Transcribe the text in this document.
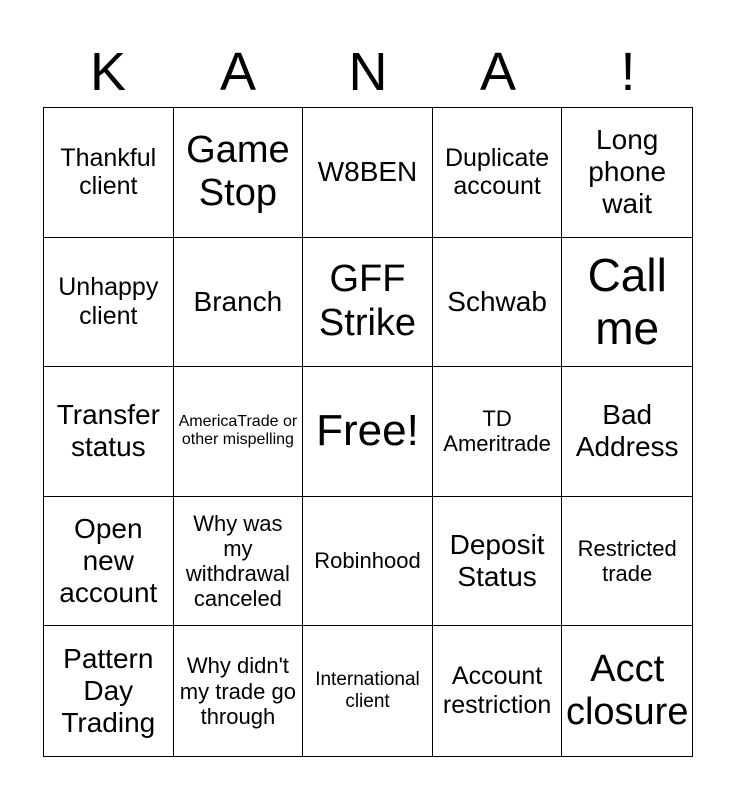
K	A	N	A	!
Thankful client
Game Stop
W8BEN	Duplicate account
Long phone wait
Unhappy client	Branch
GFF Strike
Schwab
Call me
Transfer status
AmericaTrade or other mispelling Free!	TD Ameritrade
Bad Address
Open new account
Why was my withdrawal canceled
Robinhood
Deposit Status
Restricted trade
Pattern Day Trading
Why didn't my trade go through
International client
Account restriction
Acct closure
